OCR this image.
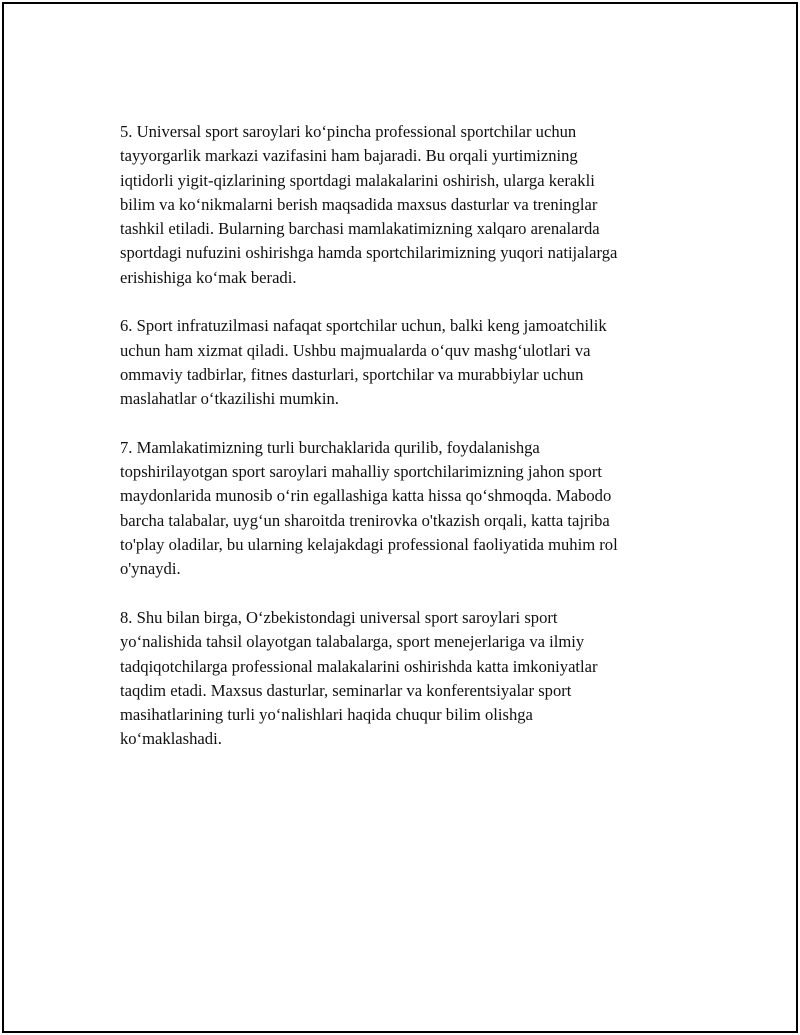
5. Universal sport saroylari ko‘pincha professional sportchilar uchun
tayyorgarlik markazi vazifasini ham bajaradi. Bu orqali yurtimizning
iqtidorli yigit-qizlarining sportdagi malakalarini oshirish, ularga kerakli
bilim va ko‘nikmalarni berish maqsadida maxsus dasturlar va treninglar
tashkil etiladi. Bularning barchasi mamlakatimizning xalqaro arenalarda
sportdagi nufuzini oshirishga hamda sportchilarimizning yuqori natijalarga
erishishiga ko‘mak beradi.

6. Sport infratuzilmasi nafaqat sportchilar uchun, balki keng jamoatchilik
uchun ham xizmat qiladi. Ushbu majmualarda o‘quv mashg‘ulotlari va
ommaviy tadbirlar, fitnes dasturlari, sportchilar va murabbiylar uchun
maslahatlar o‘tkazilishi mumkin.

7. Mamlakatimizning turli burchaklarida qurilib, foydalanishga
topshirilayotgan sport saroylari mahalliy sportchilarimizning jahon sport
maydonlarida munosib o‘rin egallashiga katta hissa qo‘shmoqda. Mabodo
barcha talabalar, uyg‘un sharoitda trenirovka o'tkazish orqali, katta tajriba
to'play oladilar, bu ularning kelajakdagi professional faoliyatida muhim rol
o'ynaydi.

8. Shu bilan birga, O‘zbekistondagi universal sport saroylari sport
yo‘nalishida tahsil olayotgan talabalarga, sport menejerlariga va ilmiy
tadqiqotchilarga professional malakalarini oshirishda katta imkoniyatlar
taqdim etadi. Maxsus dasturlar, seminarlar va konferentsiyalar sport
masihatlarining turli yo‘nalishlari haqida chuqur bilim olishga
ko‘maklashadi.
